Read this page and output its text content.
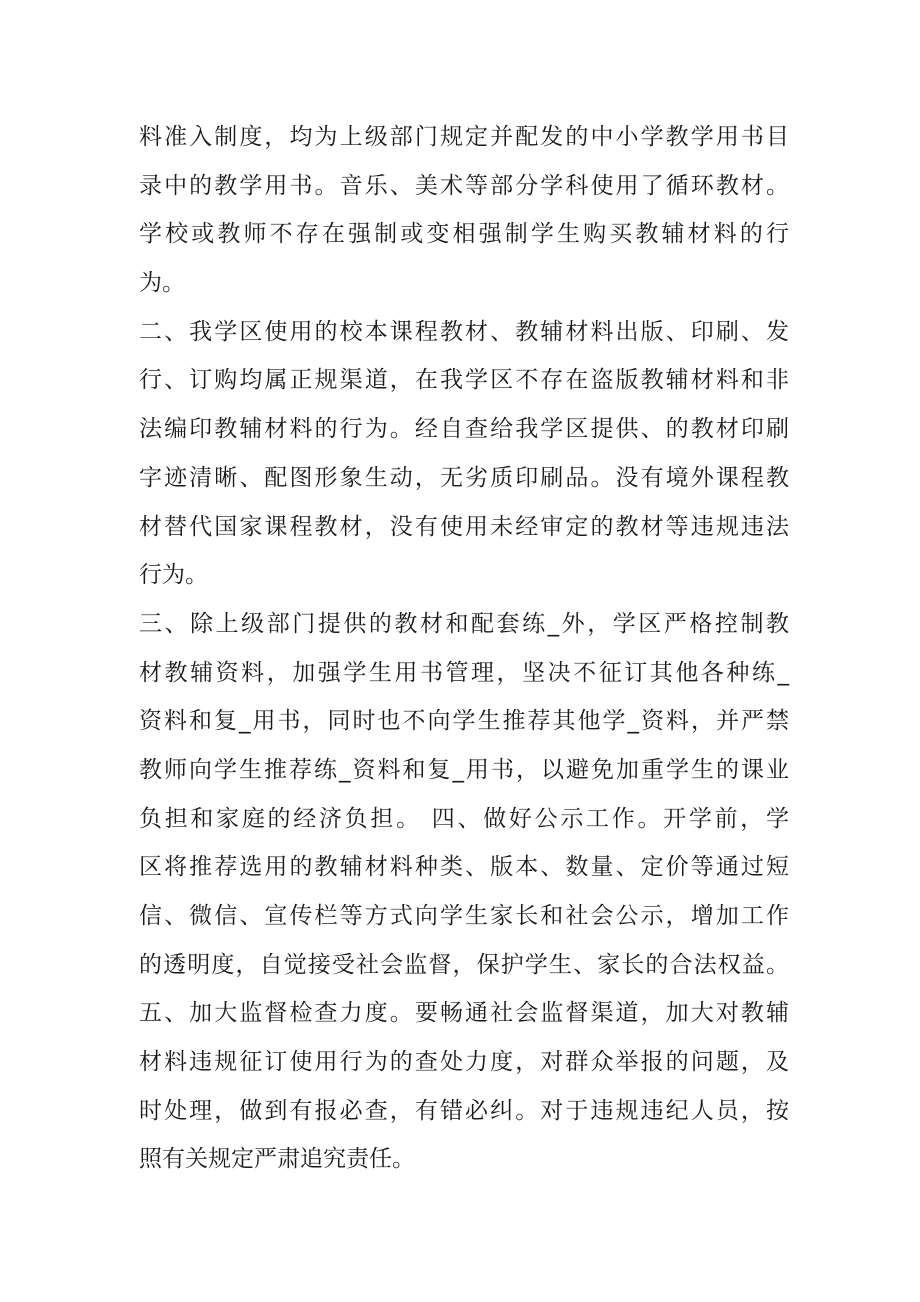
料准入制度，均为上级部门规定并配发的中小学教学用书目
录中的教学用书。音乐、美术等部分学科使用了循环教材。
学校或教师不存在强制或变相强制学生购买教辅材料的行
为。
二、我学区使用的校本课程教材、教辅材料出版、印刷、发
行、订购均属正规渠道，在我学区不存在盗版教辅材料和非
法编印教辅材料的行为。经自查给我学区提供、的教材印刷
字迹清晰、配图形象生动，无劣质印刷品。没有境外课程教
材替代国家课程教材，没有使用未经审定的教材等违规违法
行为。
三、除上级部门提供的教材和配套练_外，学区严格控制教
材教辅资料，加强学生用书管理，坚决不征订其他各种练_
资料和复_用书，同时也不向学生推荐其他学_资料，并严禁
教师向学生推荐练_资料和复_用书，以避免加重学生的课业
负担和家庭的经济负担。 四、做好公示工作。开学前，学
区将推荐选用的教辅材料种类、版本、数量、定价等通过短
信、微信、宣传栏等方式向学生家长和社会公示，增加工作
的透明度，自觉接受社会监督，保护学生、家长的合法权益。
五、加大监督检查力度。要畅通社会监督渠道，加大对教辅
材料违规征订使用行为的查处力度，对群众举报的问题，及
时处理，做到有报必查，有错必纠。对于违规违纪人员，按
照有关规定严肃追究责任。
